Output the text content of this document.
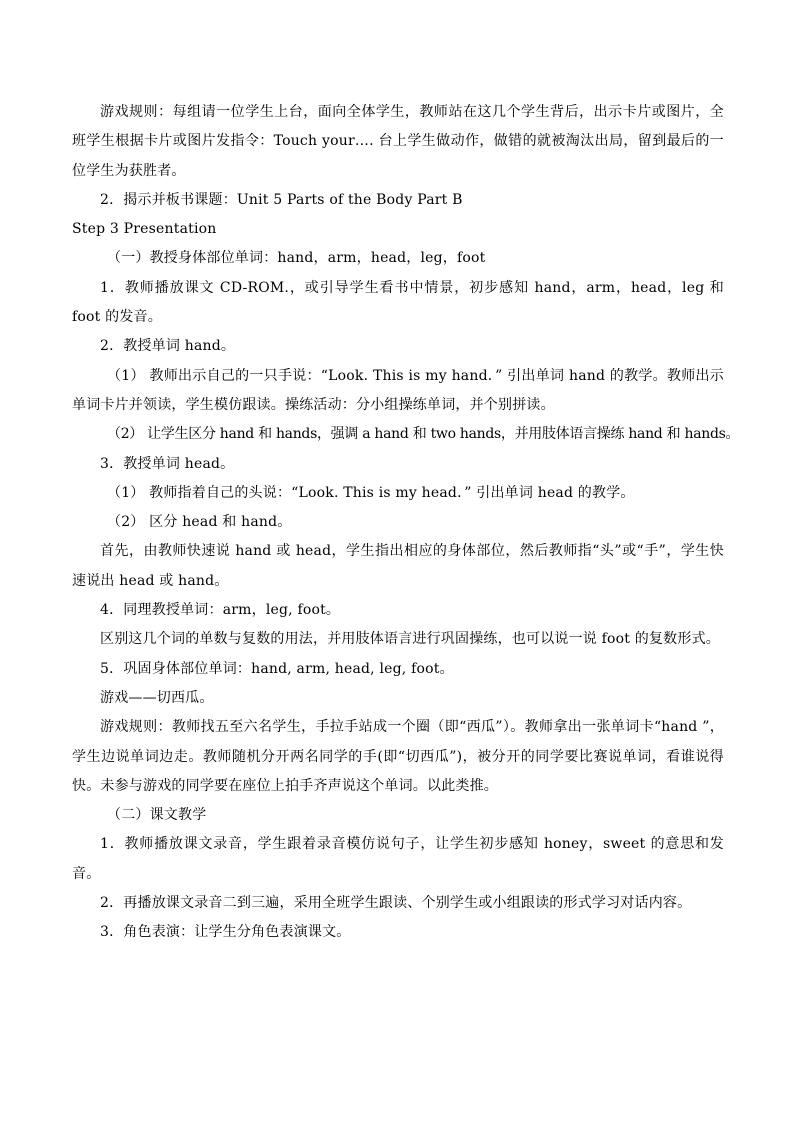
游戏规则：每组请一位学生上台，面向全体学生，教师站在这几个学生背后，出示卡片或图片，全班学生根据卡片或图片发指令：Touch your…. 台上学生做动作，做错的就被淘汰出局，留到最后的一位学生为获胜者。

2．揭示并板书课题：Unit 5 Parts of the Body Part B

Step 3 Presentation

（一）教授身体部位单词：hand，arm，head，leg，foot

1．教师播放课文 CD-ROM.，或引导学生看书中情景，初步感知 hand，arm，head，leg 和 foot 的发音。

2．教授单词 hand。

（1） 教师出示自己的一只手说：“Look. This is my hand．” 引出单词 hand 的教学。教师出示单词卡片并领读，学生模仿跟读。操练活动：分小组操练单词，并个别拼读。

（2） 让学生区分 hand 和 hands，强调 a hand 和 two hands，并用肢体语言操练 hand 和 hands。

3．教授单词 head。

（1） 教师指着自己的头说：“Look. This is my head．” 引出单词 head 的教学。

（2） 区分 head 和 hand。

首先，由教师快速说 hand 或 head，学生指出相应的身体部位，然后教师指“头”或“手”，学生快速说出 head 或 hand。

4．同理教授单词：arm，leg, foot。

区别这几个词的单数与复数的用法，并用肢体语言进行巩固操练，也可以说一说 foot 的复数形式。

5．巩固身体部位单词：hand, arm, head, leg, foot。

游戏——切西瓜。

游戏规则：教师找五至六名学生，手拉手站成一个圈（即“西瓜”）。教师拿出一张单词卡“hand ”，学生边说单词边走。教师随机分开两名同学的手(即“切西瓜”)，被分开的同学要比赛说单词，看谁说得快。未参与游戏的同学要在座位上拍手齐声说这个单词。以此类推。

（二）课文教学

1．教师播放课文录音，学生跟着录音模仿说句子，让学生初步感知 honey，sweet 的意思和发音。

2．再播放课文录音二到三遍，采用全班学生跟读、个别学生或小组跟读的形式学习对话内容。

3．角色表演：让学生分角色表演课文。
